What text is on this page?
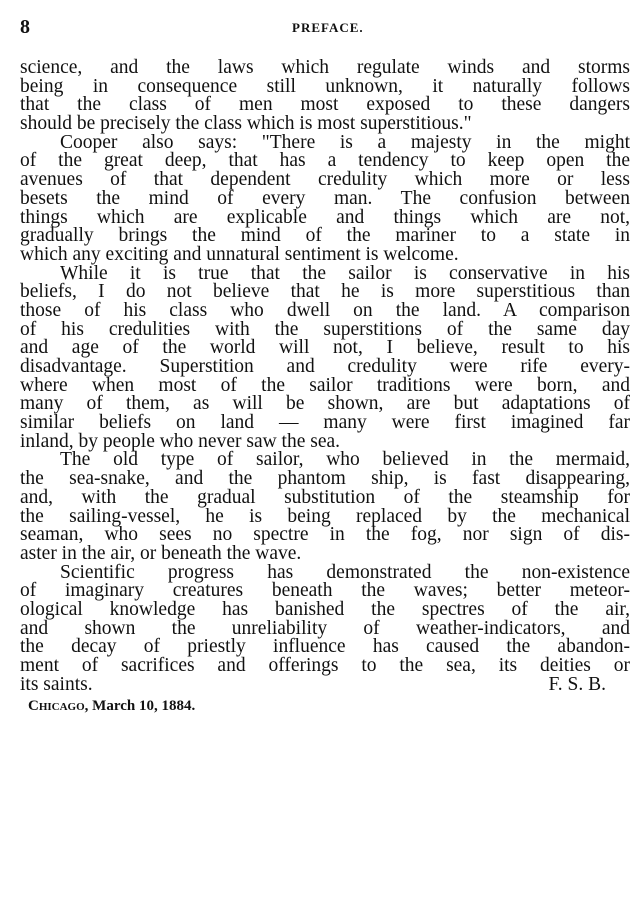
8	PREFACE.
science, and the laws which regulate winds and storms
being in consequence still unknown, it naturally follows
that the class of men most exposed to these dangers
should be precisely the class which is most superstitious."
Cooper also says: "There is a majesty in the might
of the great deep, that has a tendency to keep open the
avenues of that dependent credulity which more or less
besets the mind of every man. The confusion between
things which are explicable and things which are not,
gradually brings the mind of the mariner to a state in
which any exciting and unnatural sentiment is welcome.
While it is true that the sailor is conservative in his
beliefs, I do not believe that he is more superstitious than
those of his class who dwell on the land. A comparison
of his credulities with the superstitions of the same day
and age of the world will not, I believe, result to his
disadvantage. Superstition and credulity were rife every-
where when most of the sailor traditions were born, and
many of them, as will be shown, are but adaptations of
similar beliefs on land — many were first imagined far
inland, by people who never saw the sea.
The old type of sailor, who believed in the mermaid,
the sea-snake, and the phantom ship, is fast disappearing,
and, with the gradual substitution of the steamship for
the sailing-vessel, he is being replaced by the mechanical
seaman, who sees no spectre in the fog, nor sign of dis-
aster in the air, or beneath the wave.
Scientific progress has demonstrated the non-existence
of imaginary creatures beneath the waves; better meteor-
ological knowledge has banished the spectres of the air,
and shown the unreliability of weather-indicators, and
the decay of priestly influence has caused the abandon-
ment of sacrifices and offerings to the sea, its deities or
its saints.	F. S. B.
Chicago, March 10, 1884.
